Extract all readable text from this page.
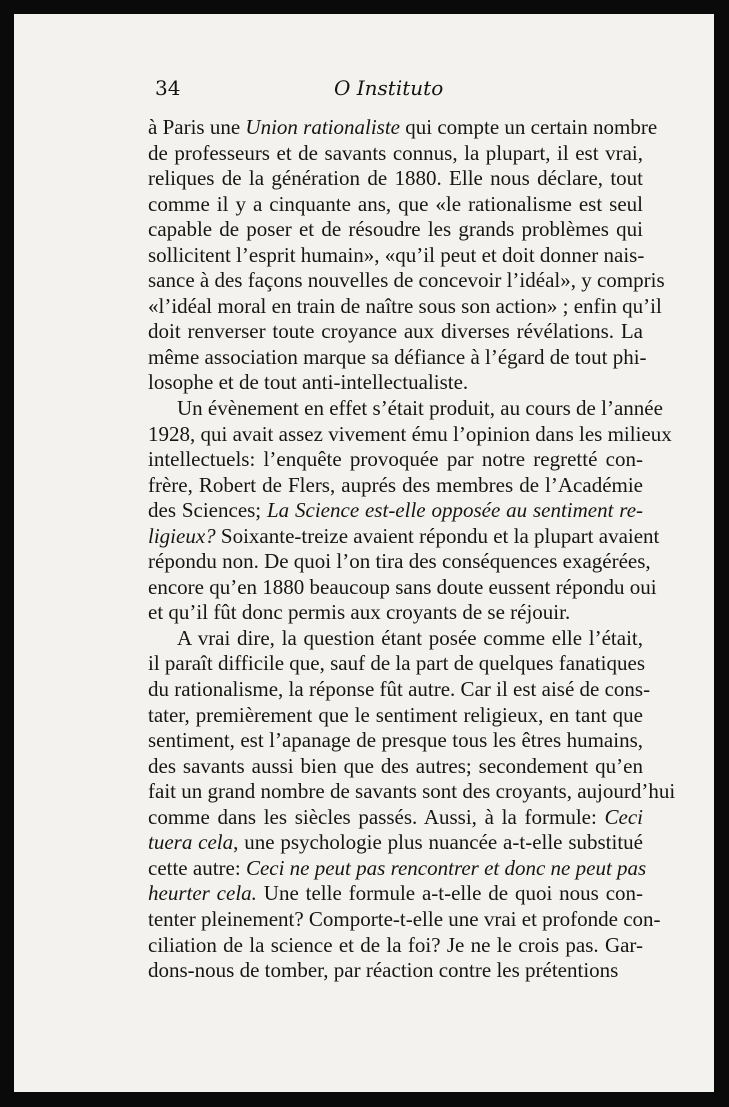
34	O Instituto
à Paris une Union rationaliste qui compte un certain nombre
de professeurs et de savants connus, la plupart, il est vrai,
reliques de la génération de 1880. Elle nous déclare, tout
comme il y a cinquante ans, que «le rationalisme est seul
capable de poser et de résoudre les grands problèmes qui
sollicitent l’esprit humain», «qu’il peut et doit donner nais-
sance à des façons nouvelles de concevoir l’idéal», y compris
«l’idéal moral en train de naître sous son action» ; enfin qu’il
doit renverser toute croyance aux diverses révélations. La
même association marque sa défiance à l’égard de tout phi-
losophe et de tout anti-intellectualiste.
Un évènement en effet s’était produit, au cours de l’année
1928, qui avait assez vivement ému l’opinion dans les milieux
intellectuels: l’enquête provoquée par notre regretté con-
frère, Robert de Flers, auprés des membres de l’Académie
des Sciences; La Science est-elle opposée au sentiment re-
ligieux? Soixante-treize avaient répondu et la plupart avaient
répondu non. De quoi l’on tira des conséquences exagérées,
encore qu’en 1880 beaucoup sans doute eussent répondu oui
et qu’il fût donc permis aux croyants de se réjouir.
A vrai dire, la question étant posée comme elle l’était,
il paraît difficile que, sauf de la part de quelques fanatiques
du rationalisme, la réponse fût autre. Car il est aisé de cons-
tater, premièrement que le sentiment religieux, en tant que
sentiment, est l’apanage de presque tous les êtres humains,
des savants aussi bien que des autres; secondement qu’en
fait un grand nombre de savants sont des croyants, aujourd’hui
comme dans les siècles passés. Aussi, à la formule: Ceci
tuera cela, une psychologie plus nuancée a-t-elle substitué
cette autre: Ceci ne peut pas rencontrer et donc ne peut pas
heurter cela. Une telle formule a-t-elle de quoi nous con-
tenter pleinement? Comporte-t-elle une vrai et profonde con-
ciliation de la science et de la foi? Je ne le crois pas. Gar-
dons-nous de tomber, par réaction contre les prétentions
